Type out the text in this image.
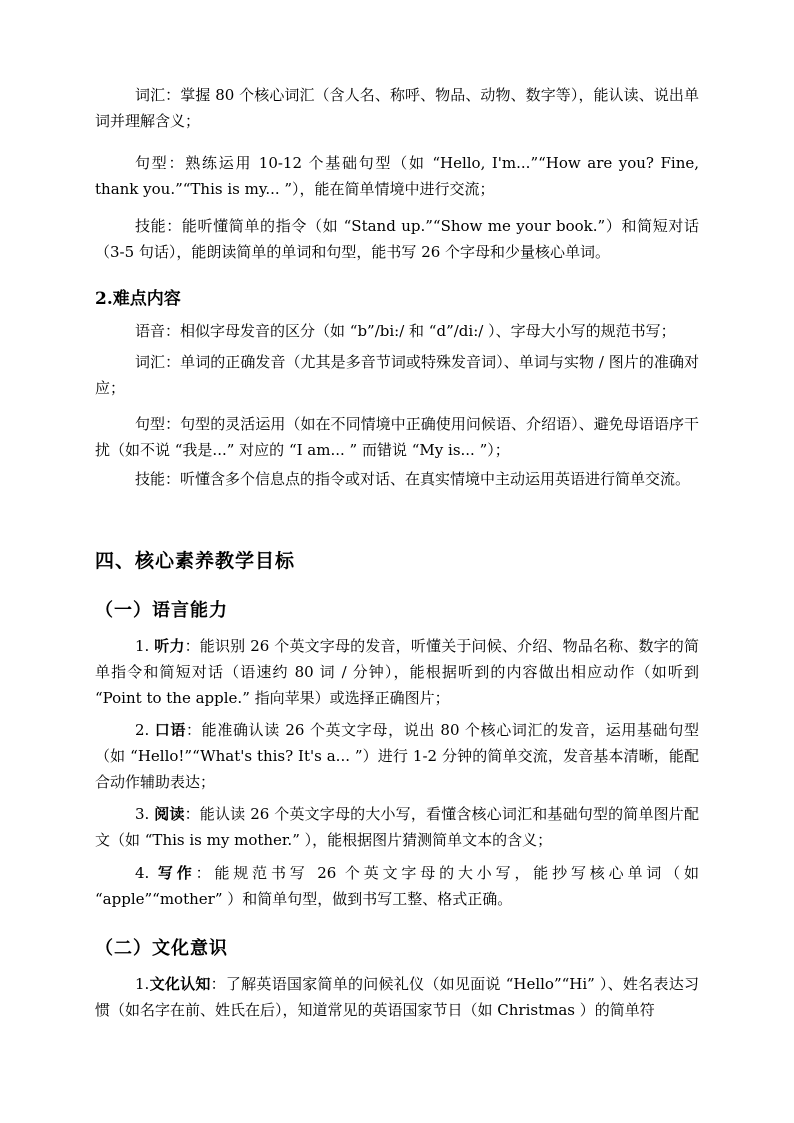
词汇：掌握 80 个核心词汇（含人名、称呼、物品、动物、数字等），能认读、说出单词并理解含义；

句型：熟练运用 10-12 个基础句型（如 “Hello, I'm...”“How are you? Fine, thank you.”“This is my... ”），能在简单情境中进行交流；

技能：能听懂简单的指令（如 “Stand up.”“Show me your book.”）和简短对话（3-5 句话），能朗读简单的单词和句型，能书写 26 个字母和少量核心单词。

2.难点内容

语音：相似字母发音的区分（如 “b”/bi:/ 和 “d”/di:/ ）、字母大小写的规范书写；

词汇：单词的正确发音（尤其是多音节词或特殊发音词）、单词与实物 / 图片的准确对应；

句型：句型的灵活运用（如在不同情境中正确使用问候语、介绍语）、避免母语语序干扰（如不说 “我是...” 对应的 “I am... ” 而错说 “My is... ”）；

技能：听懂含多个信息点的指令或对话、在真实情境中主动运用英语进行简单交流。

四、核心素养教学目标
（一）语言能力

1. 听力：能识别 26 个英文字母的发音，听懂关于问候、介绍、物品名称、数字的简单指令和简短对话（语速约 80 词 / 分钟），能根据听到的内容做出相应动作（如听到 “Point to the apple.” 指向苹果）或选择正确图片；

2. 口语：能准确认读 26 个英文字母，说出 80 个核心词汇的发音，运用基础句型（如 “Hello!”“What's this? It's a... ”）进行 1-2 分钟的简单交流，发音基本清晰，能配合动作辅助表达；

3. 阅读：能认读 26 个英文字母的大小写，看懂含核心词汇和基础句型的简单图片配文（如 “This is my mother.” ），能根据图片猜测简单文本的含义；

4. 写作：能规范书写 26 个英文字母的大小写，能抄写核心单词（如 “apple”“mother” ）和简单句型，做到书写工整、格式正确。

（二）文化意识

1.文化认知：了解英语国家简单的问候礼仪（如见面说 “Hello”“Hi” ）、姓名表达习惯（如名字在前、姓氏在后），知道常见的英语国家节日（如 Christmas ）的简单符
